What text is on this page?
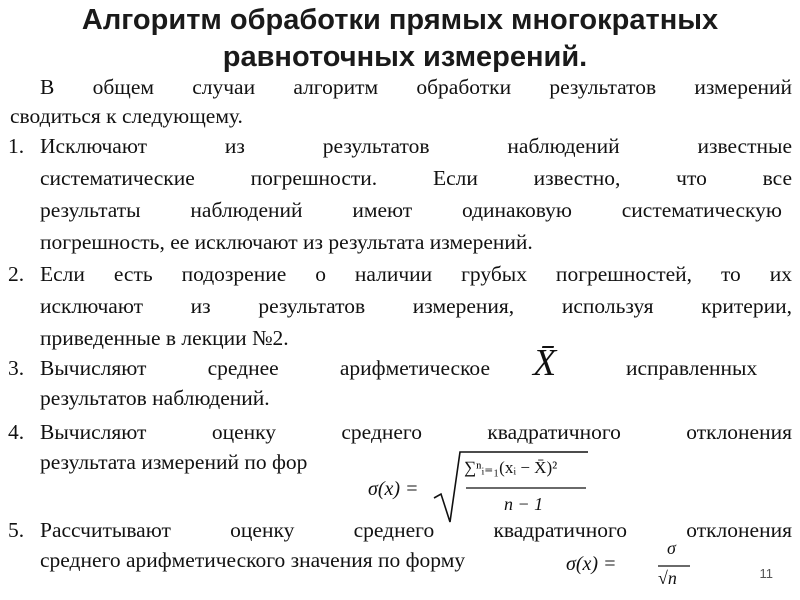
Алгоритм обработки прямых многократных
равноточных измерений.
В общем случаи алгоритм обработки результатов измерений
сводиться к следующему.
1. Исключают из результатов наблюдений известные
систематические погрешности. Если известно, что все
результаты наблюдений имеют одинаковую систематическую
погрешность, ее исключают из результата измерений.
2. Если есть подозрение о наличии грубых погрешностей, то их
исключают из результатов измерения, используя критерии,
приведенные в лекции №2.
3. Вычисляют среднее арифметическое X̄	исправленных
результатов наблюдений.
4. Вычисляют оценку среднего квадратичного отклонения
результата измерений по фор
σ(x) =
∑ⁿᵢ₌₁(xᵢ − X̄)²
n − 1
5. Рассчитывают оценку среднего квадратичного отклонения
среднего арифметического значения по форму	σ(x) =
σ
√n	11
